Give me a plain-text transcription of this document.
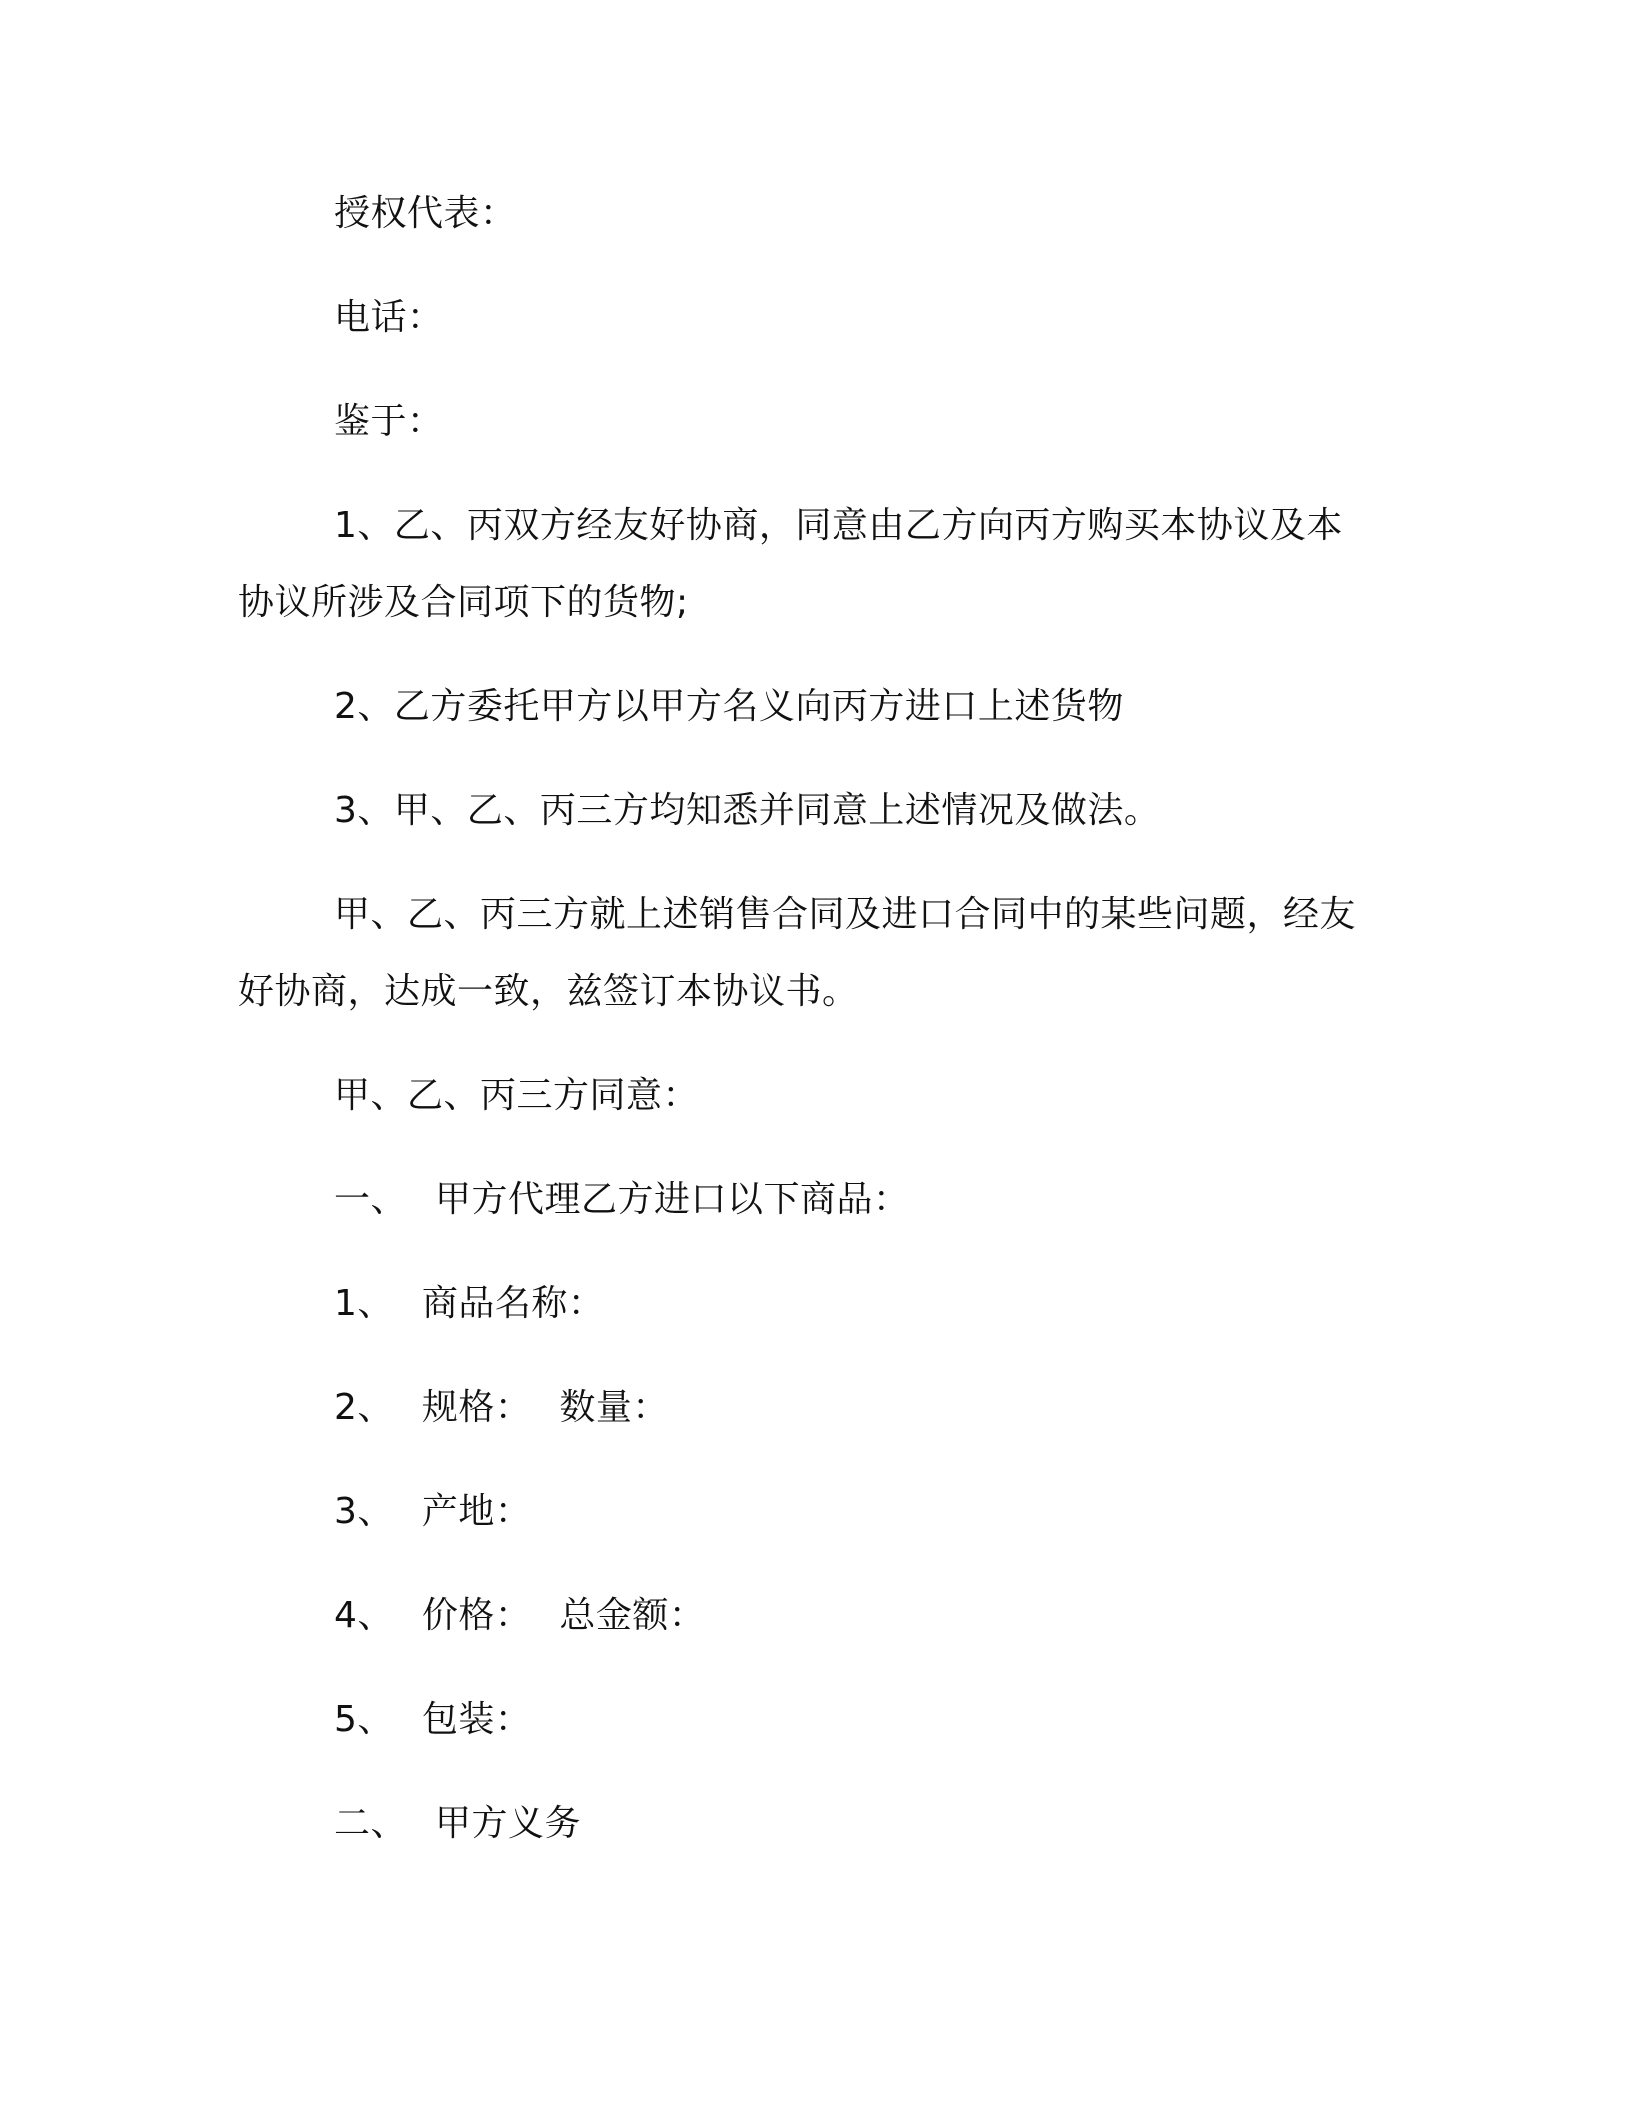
授权代表：

电话：

鉴于：

1、乙、丙双方经友好协商，同意由乙方向丙方购买本协议及本

协议所涉及合同项下的货物;

2、乙方委托甲方以甲方名义向丙方进口上述货物

3、甲、乙、丙三方均知悉并同意上述情况及做法。

甲、乙、丙三方就上述销售合同及进口合同中的某些问题，经友

好协商，达成一致，兹签订本协议书。

甲、乙、丙三方同意：

一、 甲方代理乙方进口以下商品：

1、 商品名称：

2、 规格： 数量：

3、 产地：

4、 价格： 总金额：

5、 包装：

二、 甲方义务
